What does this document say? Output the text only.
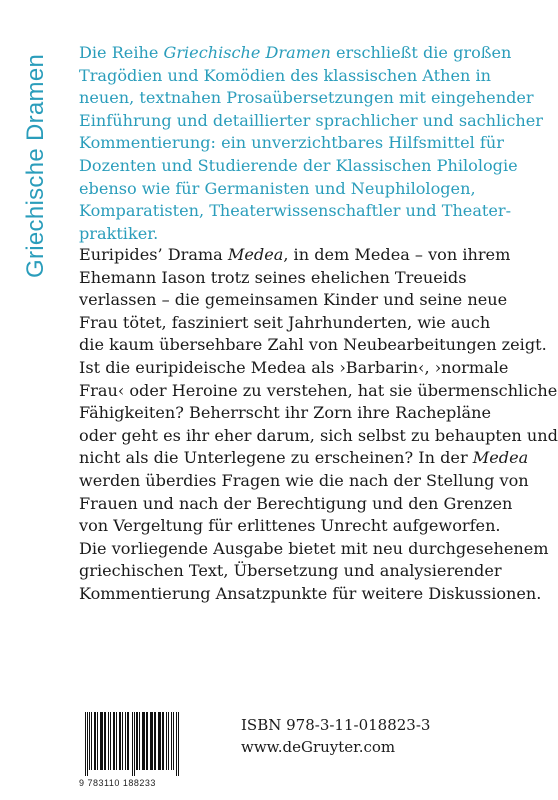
Griechische Dramen

Die Reihe Griechische Dramen erschließt die großen
Tragödien und Komödien des klassischen Athen in
neuen, textnahen Prosaübersetzungen mit eingehender
Einführung und detaillierter sprachlicher und sachlicher
Kommentierung: ein unverzichtbares Hilfsmittel für
Dozenten und Studierende der Klassischen Philologie
ebenso wie für Germanisten und Neuphilologen,
Komparatisten, Theaterwissenschaftler und Theater-
praktiker.

Euripides’ Drama Medea, in dem Medea – von ihrem
Ehemann Iason trotz seines ehelichen Treueids
verlassen – die gemeinsamen Kinder und seine neue
Frau tötet, fasziniert seit Jahrhunderten, wie auch
die kaum übersehbare Zahl von Neubearbeitungen zeigt.
Ist die euripideische Medea als ›Barbarin‹, ›normale
Frau‹ oder Heroine zu verstehen, hat sie übermenschliche
Fähigkeiten? Beherrscht ihr Zorn ihre Rachepläne
oder geht es ihr eher darum, sich selbst zu behaupten und
nicht als die Unterlegene zu erscheinen? In der Medea
werden überdies Fragen wie die nach der Stellung von
Frauen und nach der Berechtigung und den Grenzen
von Vergeltung für erlittenes Unrecht aufgeworfen.
Die vorliegende Ausgabe bietet mit neu durchgesehenem
griechischen Text, Übersetzung und analysierender
Kommentierung Ansatzpunkte für weitere Diskussionen.

9 783110 188233
ISBN 978-3-11-018823-3
www.deGruyter.com
